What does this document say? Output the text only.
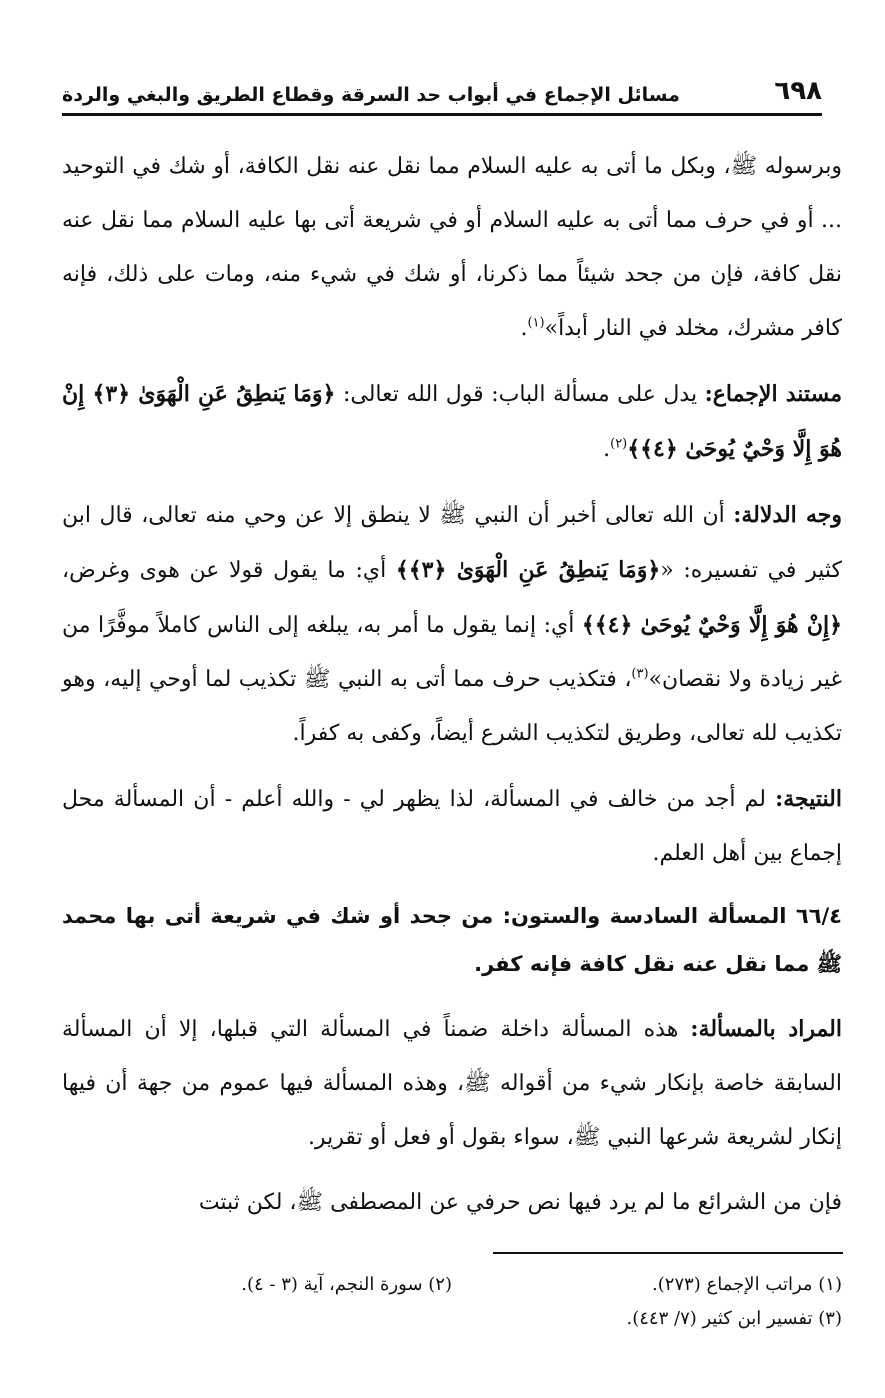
٦٩٨
مسائل الإجماع في أبواب حد السرقة وقطاع الطريق والبغي والردة

وبرسوله ﷺ، وبكل ما أتى به عليه السلام مما نقل عنه نقل الكافة، أو شك في التوحيد ... أو في حرف مما أتى به عليه السلام أو في شريعة أتى بها عليه السلام مما نقل عنه نقل كافة، فإن من جحد شيئاً مما ذكرنا، أو شك في شيء منه، ومات على ذلك، فإنه كافر مشرك، مخلد في النار أبداً»$^{(١)}$.

مستند الإجماع: يدل على مسألة الباب: قول الله تعالى: ﴿وَمَا يَنطِقُ عَنِ الْهَوَىٰ ﴿٣﴾ إِنْ هُوَ إِلَّا وَحْيٌ يُوحَىٰ ﴿٤﴾﴾$^{(٢)}$.

وجه الدلالة: أن الله تعالى أخبر أن النبي ﷺ لا ينطق إلا عن وحي منه تعالى، قال ابن كثير في تفسيره: «﴿وَمَا يَنطِقُ عَنِ الْهَوَىٰ ﴿٣﴾﴾ أي: ما يقول قولا عن هوى وغرض، ﴿إِنْ هُوَ إِلَّا وَحْيٌ يُوحَىٰ ﴿٤﴾﴾ أي: إنما يقول ما أمر به، يبلغه إلى الناس كاملاً موفَّرًا من غير زيادة ولا نقصان»$^{(٣)}$، فتكذيب حرف مما أتى به النبي ﷺ تكذيب لما أوحي إليه، وهو تكذيب لله تعالى، وطريق لتكذيب الشرع أيضاً، وكفى به كفراً.

النتيجة: لم أجد من خالف في المسألة، لذا يظهر لي - والله أعلم - أن المسألة محل إجماع بين أهل العلم.

٦٦/٤ المسألة السادسة والستون: من جحد أو شك في شريعة أتى بها محمد ﷺ مما نقل عنه نقل كافة فإنه كفر.

المراد بالمسألة: هذه المسألة داخلة ضمناً في المسألة التي قبلها، إلا أن المسألة السابقة خاصة بإنكار شيء من أقواله ﷺ، وهذه المسألة فيها عموم من جهة أن فيها إنكار لشريعة شرعها النبي ﷺ، سواء بقول أو فعل أو تقرير.

فإن من الشرائع ما لم يرد فيها نص حرفي عن المصطفى ﷺ، لكن ثبتت

(١) مراتب الإجماع (٢٧٣).
(٢) سورة النجم، آية (٣ - ٤).
(٣) تفسير ابن كثير (٧/ ٤٤٣).
